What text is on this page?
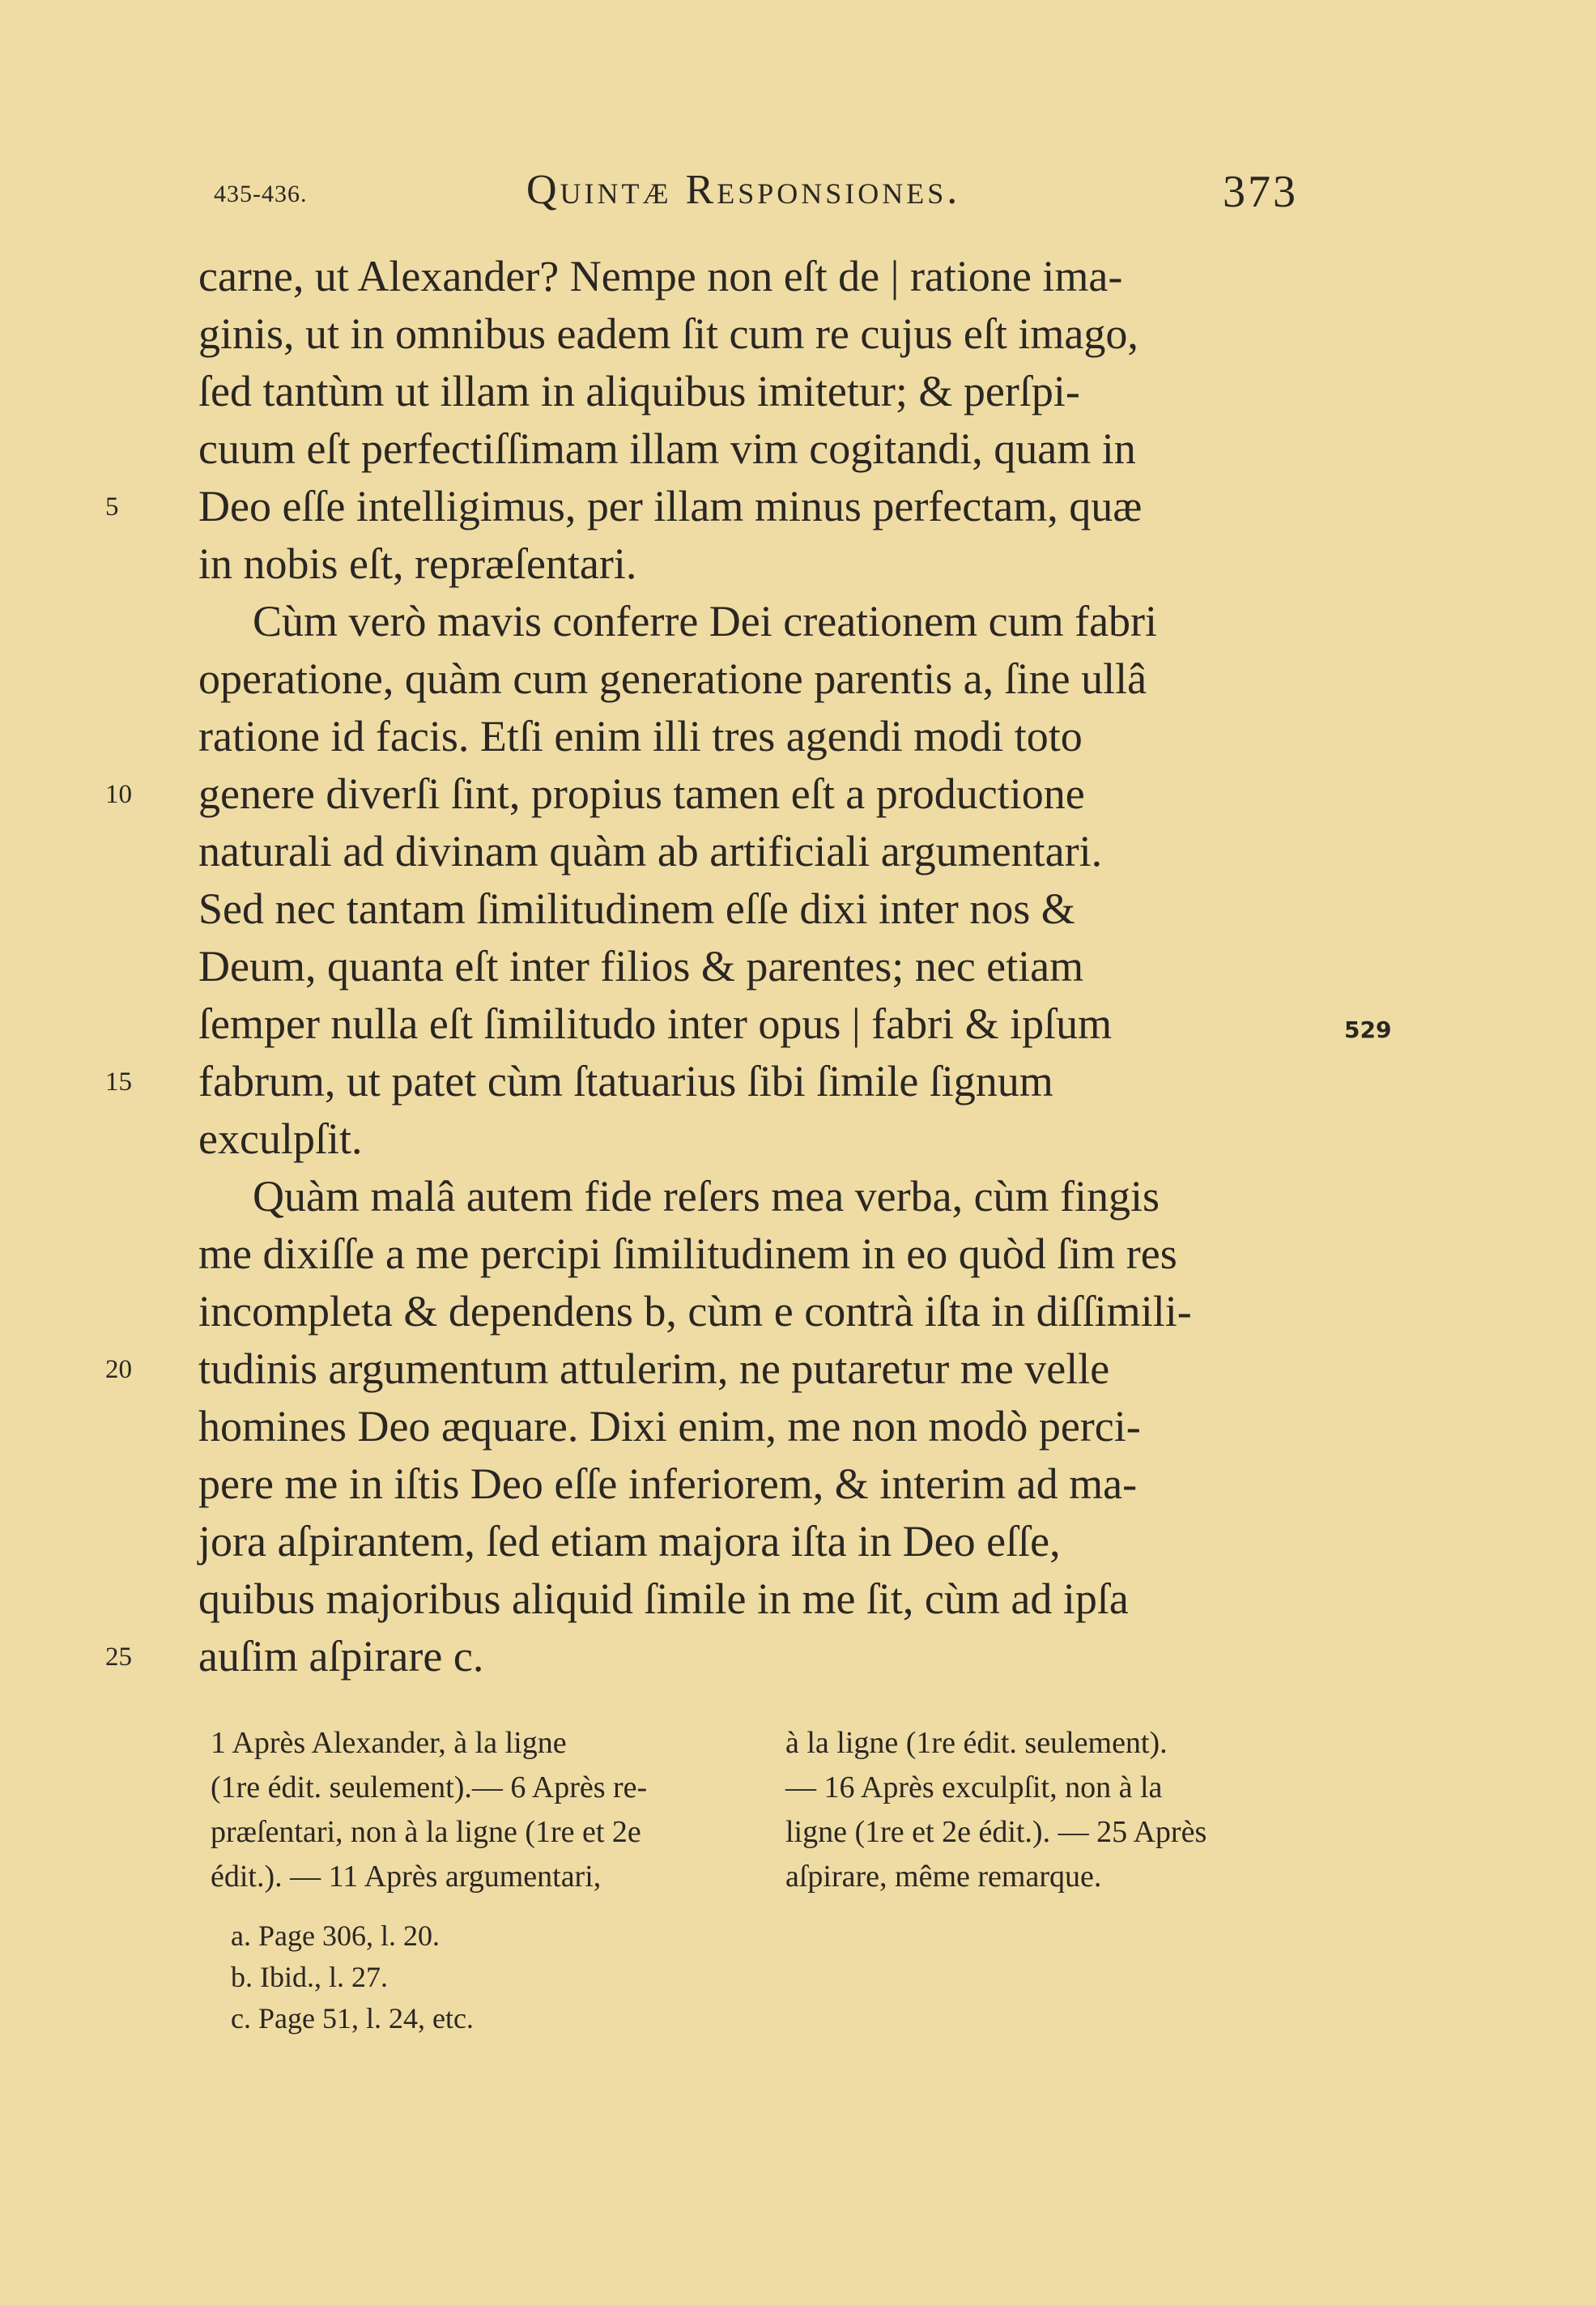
435-436.	Quintæ Responsiones.	373
carne, ut Alexander? Nempe non eſt de | ratione ima-
ginis, ut in omnibus eadem ſit cum re cujus eſt imago,
ſed tantùm ut illam in aliquibus imitetur; & perſpi-
cuum eſt perfectiſſimam illam vim cogitandi, quam in
Deo eſſe intelligimus, per illam minus perfectam, quæ
5
in nobis eſt, repræſentari.
Cùm verò mavis conferre Dei creationem cum fabri
operatione, quàm cum generatione parentis a, ſine ullâ
ratione id facis. Etſi enim illi tres agendi modi toto
genere diverſi ſint, propius tamen eſt a productione
10
naturali ad divinam quàm ab artificiali argumentari.
Sed nec tantam ſimilitudinem eſſe dixi inter nos &
Deum, quanta eſt inter filios & parentes; nec etiam
ſemper nulla eſt ſimilitudo inter opus | fabri & ipſum
fabrum, ut patet cùm ſtatuarius ſibi ſimile ſignum
15
exculpſit.
Quàm malâ autem fide reſers mea verba, cùm fingis
me dixiſſe a me percipi ſimilitudinem in eo quòd ſim res
incompleta & dependens b, cùm e contrà iſta in diſſimili-
tudinis argumentum attulerim, ne putaretur me velle
20
homines Deo æquare. Dixi enim, me non modò perci-
pere me in iſtis Deo eſſe inferiorem, & interim ad ma-
jora aſpirantem, ſed etiam majora iſta in Deo eſſe,
quibus majoribus aliquid ſimile in me ſit, cùm ad ipſa
auſim aſpirare c.
25
529
1 Après Alexander, à la ligne
(1re édit. seulement).— 6 Après re-
præſentari, non à la ligne (1re et 2e
édit.). — 11 Après argumentari,
à la ligne (1re édit. seulement).
— 16 Après exculpſit, non à la
ligne (1re et 2e édit.). — 25 Après
aſpirare, même remarque.
a. Page 306, l. 20.
b. Ibid., l. 27.
c. Page 51, l. 24, etc.
